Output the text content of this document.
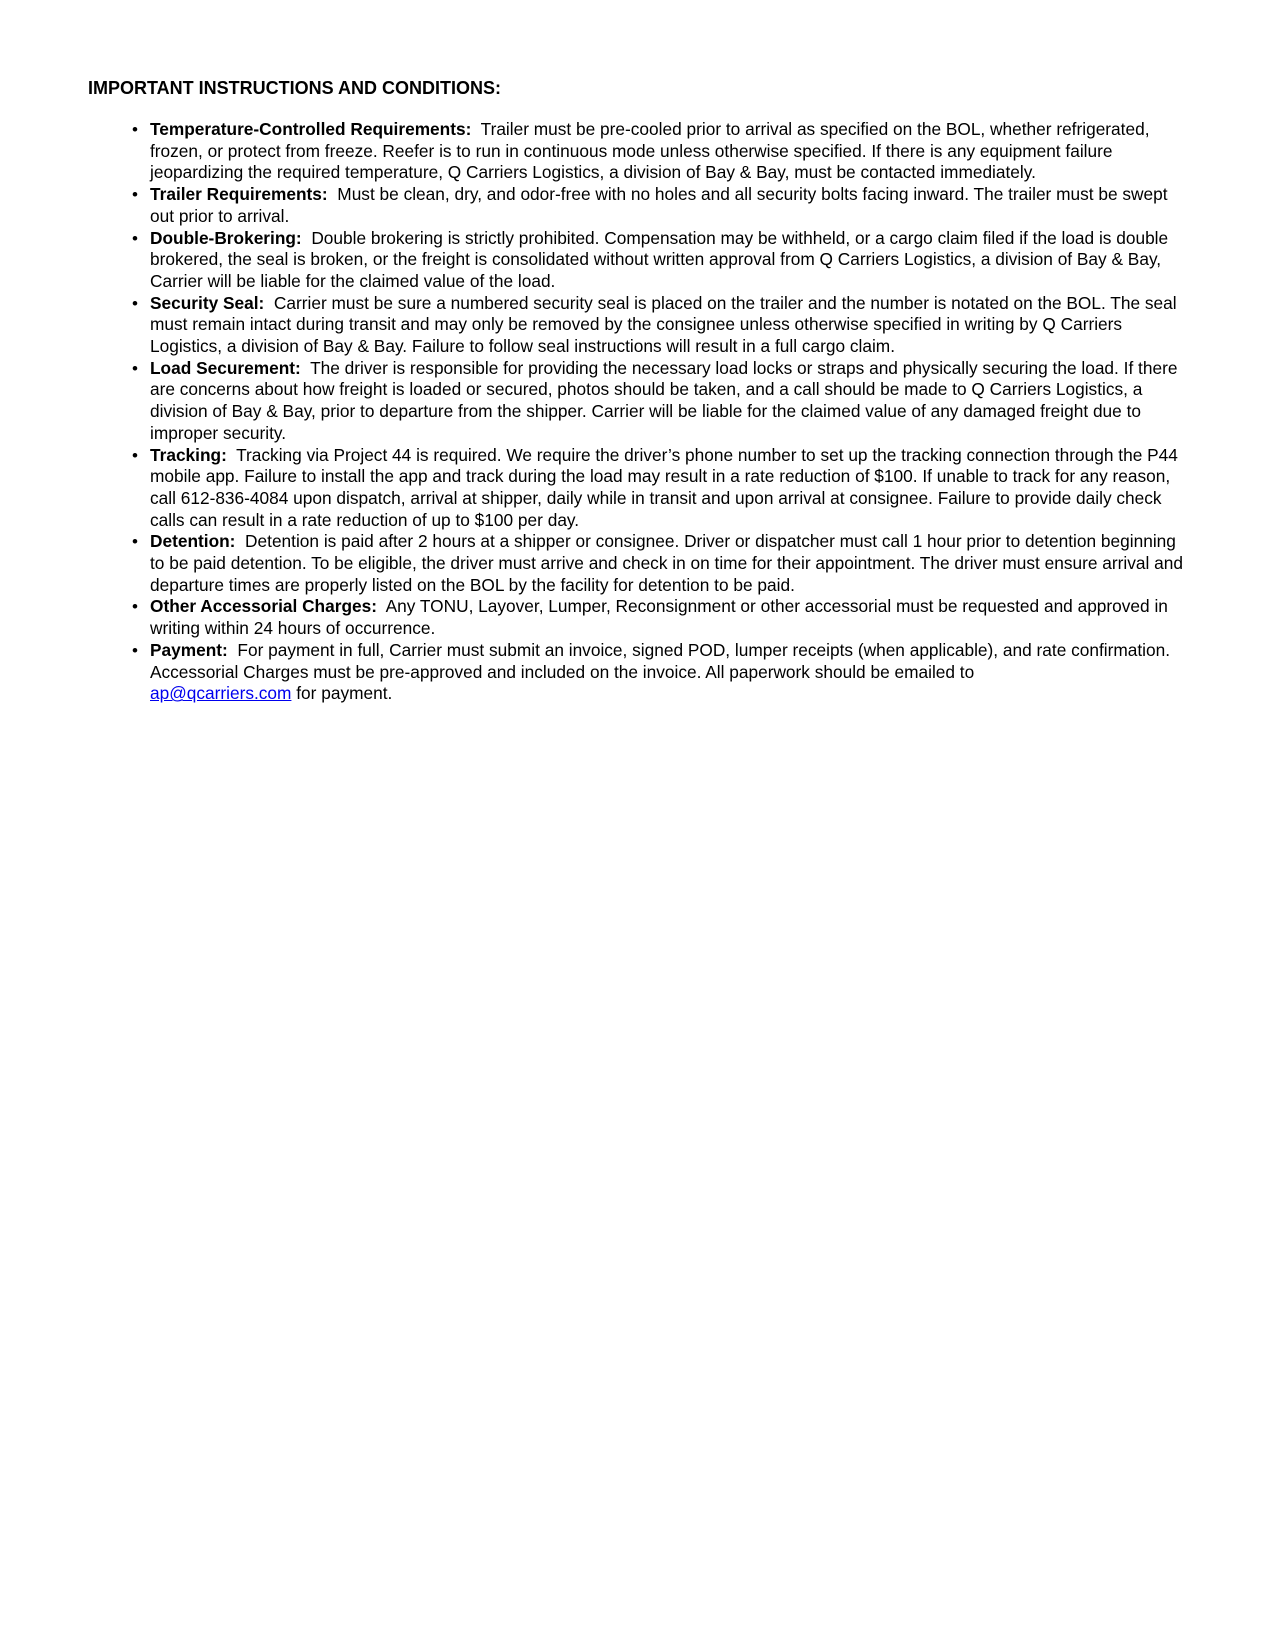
IMPORTANT INSTRUCTIONS AND CONDITIONS:
• Temperature-Controlled Requirements: Trailer must be pre-cooled prior to arrival as specified on the BOL, whether refrigerated, frozen, or protect from freeze. Reefer is to run in continuous mode unless otherwise specified. If there is any equipment failure jeopardizing the required temperature, Q Carriers Logistics, a division of Bay & Bay, must be contacted immediately.
• Trailer Requirements: Must be clean, dry, and odor-free with no holes and all security bolts facing inward. The trailer must be swept out prior to arrival.
• Double-Brokering: Double brokering is strictly prohibited. Compensation may be withheld, or a cargo claim filed if the load is double brokered, the seal is broken, or the freight is consolidated without written approval from Q Carriers Logistics, a division of Bay & Bay, Carrier will be liable for the claimed value of the load.
• Security Seal: Carrier must be sure a numbered security seal is placed on the trailer and the number is notated on the BOL. The seal must remain intact during transit and may only be removed by the consignee unless otherwise specified in writing by Q Carriers Logistics, a division of Bay & Bay. Failure to follow seal instructions will result in a full cargo claim.
• Load Securement: The driver is responsible for providing the necessary load locks or straps and physically securing the load. If there are concerns about how freight is loaded or secured, photos should be taken, and a call should be made to Q Carriers Logistics, a division of Bay & Bay, prior to departure from the shipper. Carrier will be liable for the claimed value of any damaged freight due to improper security.
• Tracking: Tracking via Project 44 is required. We require the driver’s phone number to set up the tracking connection through the P44 mobile app. Failure to install the app and track during the load may result in a rate reduction of $100. If unable to track for any reason, call 612-836-4084 upon dispatch, arrival at shipper, daily while in transit and upon arrival at consignee. Failure to provide daily check calls can result in a rate reduction of up to $100 per day.
• Detention: Detention is paid after 2 hours at a shipper or consignee. Driver or dispatcher must call 1 hour prior to detention beginning to be paid detention. To be eligible, the driver must arrive and check in on time for their appointment. The driver must ensure arrival and departure times are properly listed on the BOL by the facility for detention to be paid.
• Other Accessorial Charges: Any TONU, Layover, Lumper, Reconsignment or other accessorial must be requested and approved in writing within 24 hours of occurrence.
• Payment: For payment in full, Carrier must submit an invoice, signed POD, lumper receipts (when applicable), and rate confirmation. Accessorial Charges must be pre-approved and included on the invoice. All paperwork should be emailed to
ap@qcarriers.com for payment.
